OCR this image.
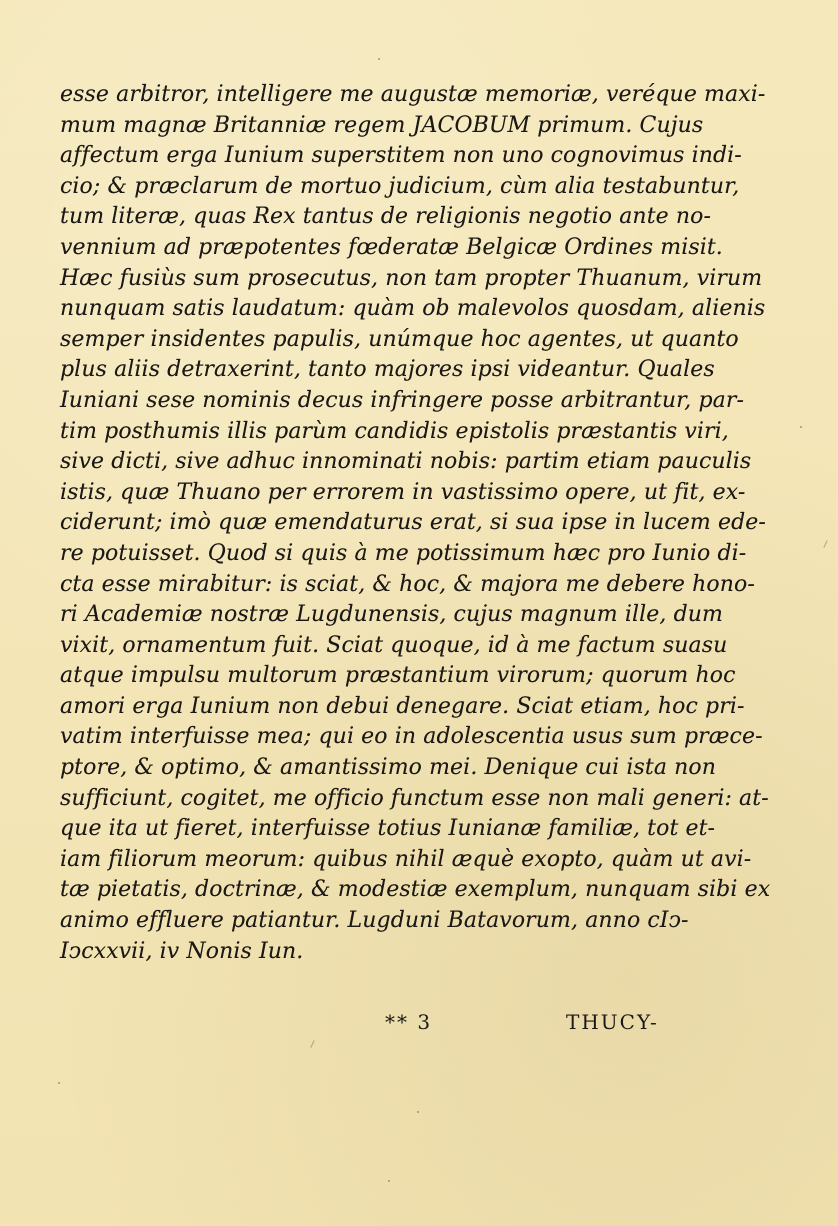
esse arbitror, intelligere me augustæ memoriæ, veréque maxi-
mum magnæ Britanniæ regem JACOBUM primum. Cujus
affectum erga Iunium superstitem non uno cognovimus indi-
cio; & præclarum de mortuo judicium, cùm alia testabuntur,
tum literæ, quas Rex tantus de religionis negotio ante no-
vennium ad præpotentes fœderatæ Belgicæ Ordines misit.
Hæc fusiùs sum prosecutus, non tam propter Thuanum, virum
nunquam satis laudatum: quàm ob malevolos quosdam, alienis
semper insidentes papulis, unúmque hoc agentes, ut quanto
plus aliis detraxerint, tanto majores ipsi videantur. Quales
Iuniani sese nominis decus infringere posse arbitrantur, par-
tim posthumis illis parùm candidis epistolis præstantis viri,
sive dicti, sive adhuc innominati nobis: partim etiam pauculis
istis, quæ Thuano per errorem in vastissimo opere, ut fit, ex-
ciderunt; imò quæ emendaturus erat, si sua ipse in lucem ede-
re potuisset. Quod si quis à me potissimum hæc pro Iunio di-
cta esse mirabitur: is sciat, & hoc, & majora me debere hono-
ri Academiæ nostræ Lugdunensis, cujus magnum ille, dum
vixit, ornamentum fuit. Sciat quoque, id à me factum suasu
atque impulsu multorum præstantium virorum; quorum hoc
amori erga Iunium non debui denegare. Sciat etiam, hoc pri-
vatim interfuisse mea; qui eo in adolescentia usus sum præce-
ptore, & optimo, & amantissimo mei. Denique cui ista non
sufficiunt, cogitet, me officio functum esse non mali generi: at-
que ita ut fieret, interfuisse totius Iunianæ familiæ, tot et-
iam filiorum meorum: quibus nihil æquè exopto, quàm ut avi-
tæ pietatis, doctrinæ, & modestiæ exemplum, nunquam sibi ex
animo effluere patiantur. Lugduni Batavorum, anno cIↄ-
Iↄcxxvii, iv Nonis Iun.
** 3	THUCY-
